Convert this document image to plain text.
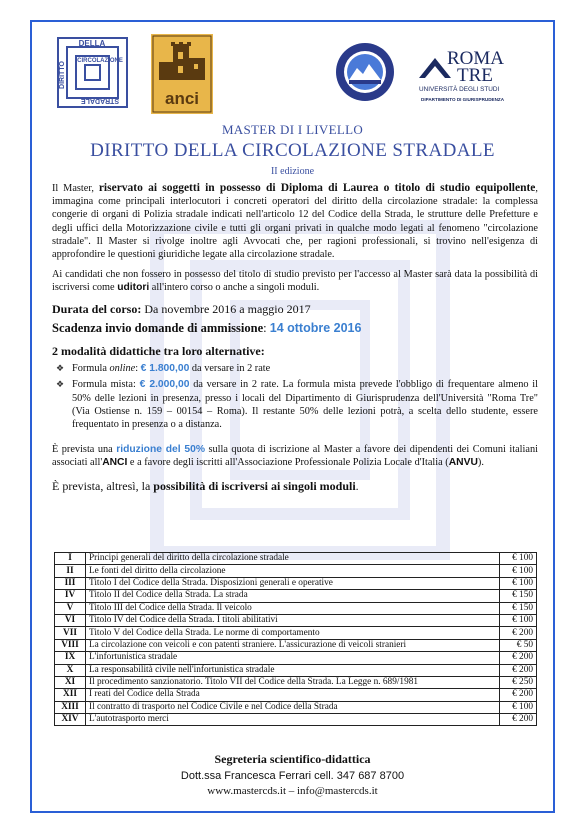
DELLA
CIRCOLAZIONE
STRADALE
DIRITTO
anci
ROMA
TRE
UNIVERSITÀ DEGLI STUDI
DIPARTIMENTO DI GIURISPRUDENZA
MASTER DI I LIVELLO
DIRITTO DELLA CIRCOLAZIONE STRADALE
II edizione

Il Master, riservato ai soggetti in possesso di Diploma di Laurea o titolo di studio equipollente, immagina come principali interlocutori i concreti operatori del diritto della circolazione stradale: la complessa congerie di organi di Polizia stradale indicati nell'articolo 12 del Codice della Strada, le strutture delle Prefetture e degli uffici della Motorizzazione civile e tutti gli organi privati in qualche modo legati al fenomeno "circolazione stradale". Il Master si rivolge inoltre agli Avvocati che, per ragioni professionali, si trovino nell'esigenza di approfondire le questioni giuridiche legate alla circolazione stradale.

Ai candidati che non fossero in possesso del titolo di studio previsto per l'accesso al Master sarà data la possibilità di iscriversi come uditori all'intero corso o anche a singoli moduli.

Durata del corso: Da novembre 2016 a maggio 2017

Scadenza invio domande di ammissione: 14 ottobre 2016

2 modalità didattiche tra loro alternative:

❖ Formula online: € 1.800,00 da versare in 2 rate
❖ Formula mista: € 2.000,00 da versare in 2 rate. La formula mista prevede l'obbligo di frequentare almeno il 50% delle lezioni in presenza, presso i locali del Dipartimento di Giurisprudenza dell'Università "Roma Tre" (Via Ostiense n. 159 – 00154 – Roma). Il restante 50% delle lezioni potrà, a scelta dello studente, essere frequentato in presenza o a distanza.

È prevista una riduzione del 50% sulla quota di iscrizione al Master a favore dei dipendenti dei Comuni italiani associati all'ANCI e a favore degli iscritti all'Associazione Professionale Polizia Locale d'Italia (ANVU).

È prevista, altresì, la possibilità di iscriversi ai singoli moduli.

I	Principi generali del diritto della circolazione stradale	€ 100
II	Le fonti del diritto della circolazione	€ 100
III	Titolo I del Codice della Strada. Disposizioni generali e operative	€ 100
IV	Titolo II del Codice della Strada. La strada	€ 150
V	Titolo III del Codice della Strada. Il veicolo	€ 150
VI	Titolo IV del Codice della Strada. I titoli abilitativi	€ 100
VII	Titolo V del Codice della Strada. Le norme di comportamento	€ 200
VIII	La circolazione con veicoli e con patenti straniere. L'assicurazione di veicoli stranieri	€ 50
IX	L'infortunistica stradale	€ 200
X	La responsabilità civile nell'infortunistica stradale	€ 200
XI	Il procedimento sanzionatorio. Titolo VII del Codice della Strada. La Legge n. 689/1981	€ 250
XII	I reati del Codice della Strada	€ 200
XIII	Il contratto di trasporto nel Codice Civile e nel Codice della Strada	€ 100
XIV	L'autotrasporto merci	€ 200
Segreteria scientifico-didattica
Dott.ssa Francesca Ferrari cell. 347 687 8700
www.mastercds.it – info@mastercds.it
